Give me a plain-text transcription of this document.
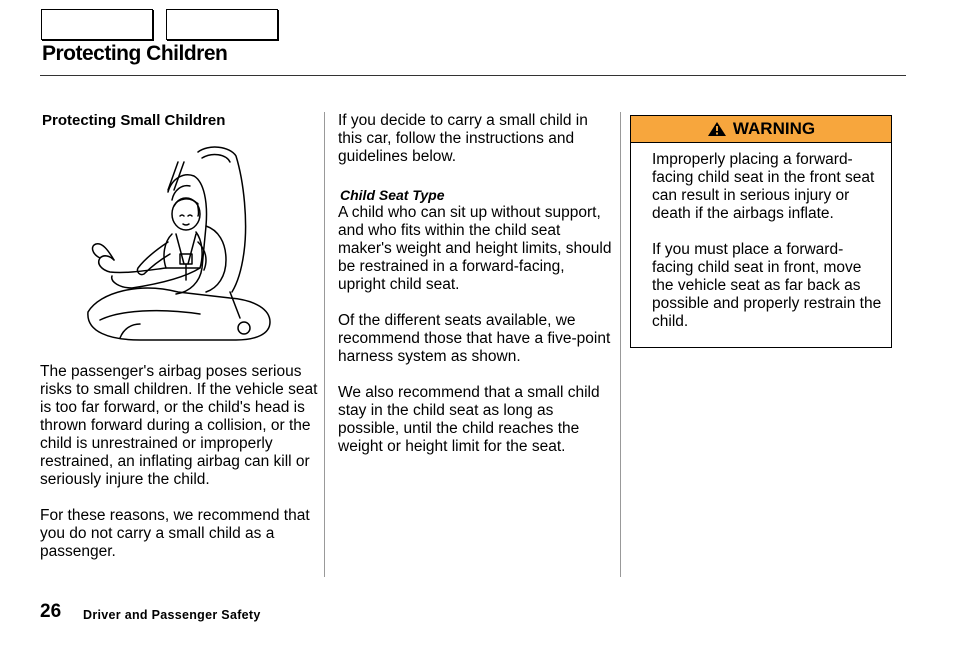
Protecting Children

Protecting Small Children

The passenger's airbag poses serious risks to small children. If the vehicle seat is too far forward, or the child's head is thrown forward during a collision, or the child is unrestrained or improperly restrained, an inflating airbag can kill or seriously injure the child.

For these reasons, we recommend that you do not carry a small child as a passenger.

If you decide to carry a small child in this car, follow the instructions and guidelines below.

Child Seat Type

A child who can sit up without support, and who fits within the child seat maker's weight and height limits, should be restrained in a forward-facing, upright child seat.

Of the different seats available, we recommend those that have a five-point harness system as shown.

We also recommend that a small child stay in the child seat as long as possible, until the child reaches the weight or height limit for the seat.

WARNING

Improperly placing a forward-facing child seat in the front seat can result in serious injury or death if the airbags inflate.

If you must place a forward-facing child seat in front, move the vehicle seat as far back as possible and properly restrain the child.

26 Driver and Passenger Safety
